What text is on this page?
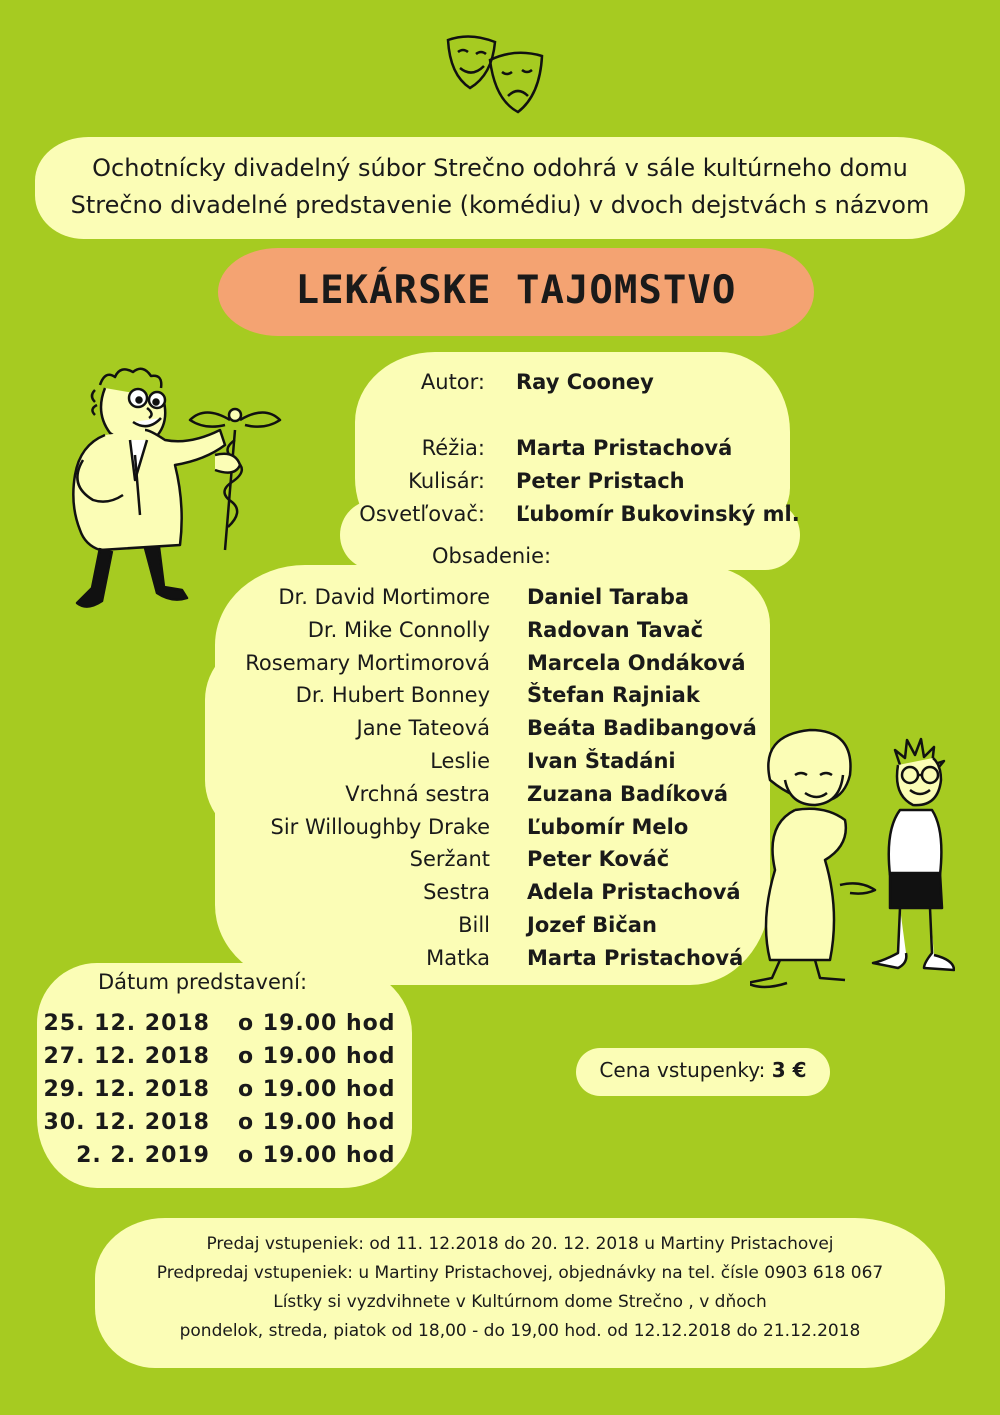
Ochotnícky divadelný súbor Strečno odohrá v sále kultúrneho domu
Strečno divadelné predstavenie (komédiu) v dvoch dejstvách s názvom
LEKÁRSKE TAJOMSTVO
Autor: Ray Cooney
Réžia: Marta Pristachová
Kulisár: Peter Pristach
Osvetľovač: Ľubomír Bukovinský ml.
Obsadenie:
Dr. David Mortimore Daniel Taraba
Dr. Mike Connolly Radovan Tavač
Rosemary Mortimorová Marcela Ondáková
Dr. Hubert Bonney Štefan Rajniak
Jane Tateová Beáta Badibangová
Leslie Ivan Štadáni
Vrchná sestra Zuzana Badíková
Sir Willoughby Drake Ľubomír Melo
Seržant Peter Kováč
Sestra Adela Pristachová
Bill Jozef Bičan
Matka Marta Pristachová
Dátum predstavení:
25. 12. 2018 o 19.00 hod
27. 12. 2018 o 19.00 hod
29. 12. 2018 o 19.00 hod
30. 12. 2018 o 19.00 hod
2. 2. 2019 o 19.00 hod
Cena vstupenky: 3 €
Predaj vstupeniek: od 11. 12.2018 do 20. 12. 2018 u Martiny Pristachovej
Predpredaj vstupeniek: u Martiny Pristachovej, objednávky na tel. čísle 0903 618 067
Lístky si vyzdvihnete v Kultúrnom dome Strečno , v dňoch
pondelok, streda, piatok od 18,00 - do 19,00 hod. od 12.12.2018 do 21.12.2018
